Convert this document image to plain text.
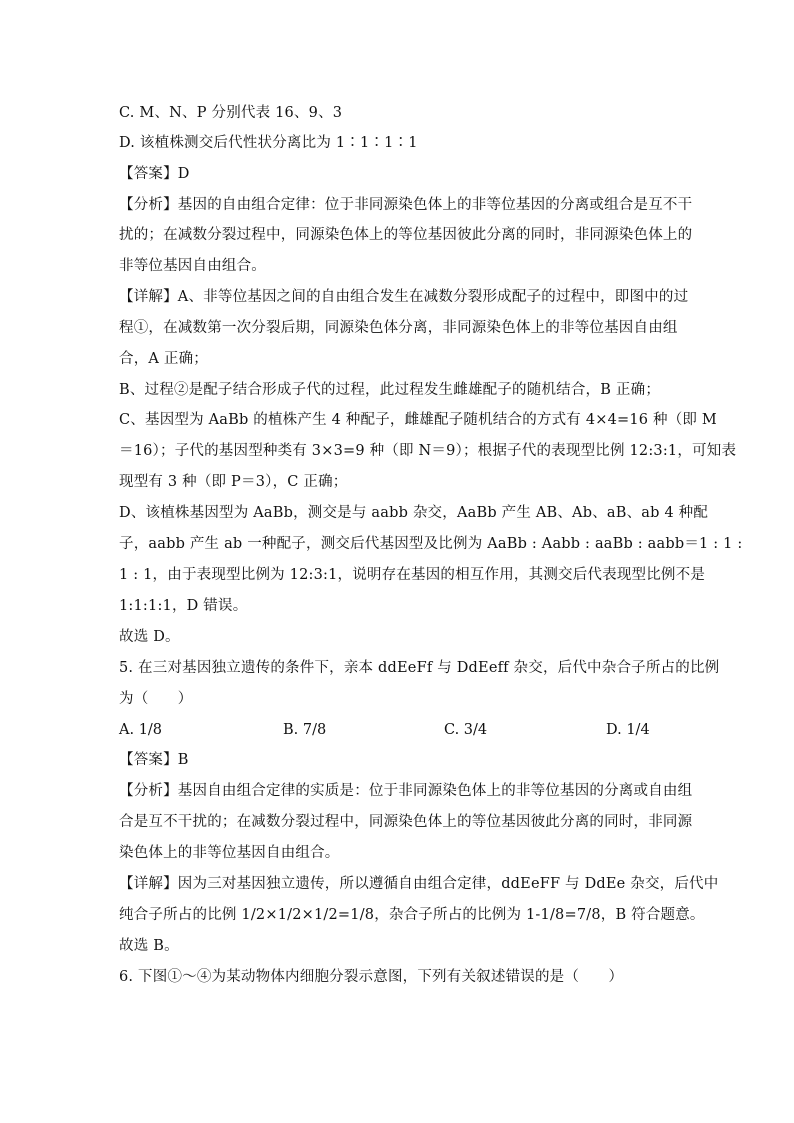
C. M、N、P 分别代表 16、9、3
D. 该植株测交后代性状分离比为 1∶1∶1∶1
【答案】D
【分析】基因的自由组合定律：位于非同源染色体上的非等位基因的分离或组合是互不干
扰的；在减数分裂过程中，同源染色体上的等位基因彼此分离的同时，非同源染色体上的
非等位基因自由组合。
【详解】A、非等位基因之间的自由组合发生在减数分裂形成配子的过程中，即图中的过
程①，在减数第一次分裂后期，同源染色体分离，非同源染色体上的非等位基因自由组
合，A 正确；
B、过程②是配子结合形成子代的过程，此过程发生雌雄配子的随机结合，B 正确；
C、基因型为 AaBb 的植株产生 4 种配子，雌雄配子随机结合的方式有 4×4=16 种（即 M
＝16）；子代的基因型种类有 3×3=9 种（即 N＝9）；根据子代的表现型比例 12:3:1，可知表
现型有 3 种（即 P＝3），C 正确；
D、该植株基因型为 AaBb，测交是与 aabb 杂交，AaBb 产生 AB、Ab、aB、ab 4 种配
子，aabb 产生 ab 一种配子，测交后代基因型及比例为 AaBb : Aabb : aaBb : aabb＝1 : 1 :
1 : 1，由于表现型比例为 12:3:1，说明存在基因的相互作用，其测交后代表现型比例不是
1:1:1:1，D 错误。
故选 D。
5. 在三对基因独立遗传的条件下，亲本 ddEeFf 与 DdEeff 杂交，后代中杂合子所占的比例
为（　　）
A. 1/8	B. 7/8	C. 3/4	D. 1/4
【答案】B
【分析】基因自由组合定律的实质是：位于非同源染色体上的非等位基因的分离或自由组
合是互不干扰的；在减数分裂过程中，同源染色体上的等位基因彼此分离的同时，非同源
染色体上的非等位基因自由组合。
【详解】因为三对基因独立遗传，所以遵循自由组合定律，ddEeFF 与 DdEe 杂交，后代中
纯合子所占的比例 1/2×1/2×1/2=1/8，杂合子所占的比例为 1-1/8=7/8，B 符合题意。
故选 B。
6. 下图①～④为某动物体内细胞分裂示意图，下列有关叙述错误的是（　　）
